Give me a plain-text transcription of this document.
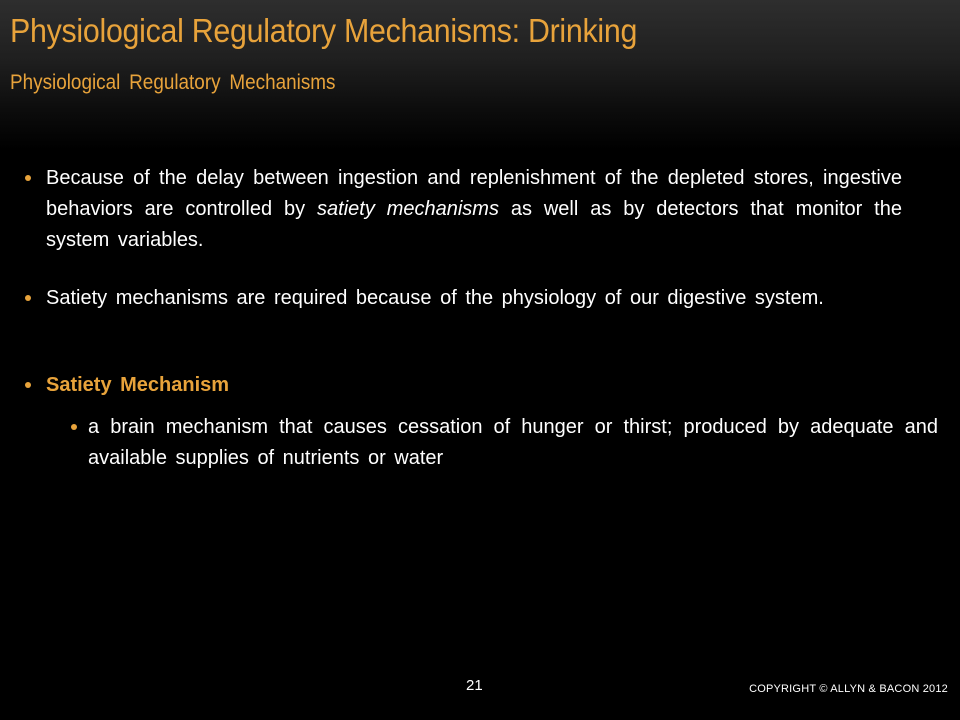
Physiological Regulatory Mechanisms: Drinking
Physiological Regulatory Mechanisms
Because of the delay between ingestion and replenishment of the depleted stores, ingestive behaviors are controlled by satiety mechanisms as well as by detectors that monitor the system variables.
Satiety mechanisms are required because of the physiology of our digestive system.
Satiety Mechanism
a brain mechanism that causes cessation of hunger or thirst; produced by adequate and available supplies of nutrients or water
21	COPYRIGHT © ALLYN & BACON 2012
